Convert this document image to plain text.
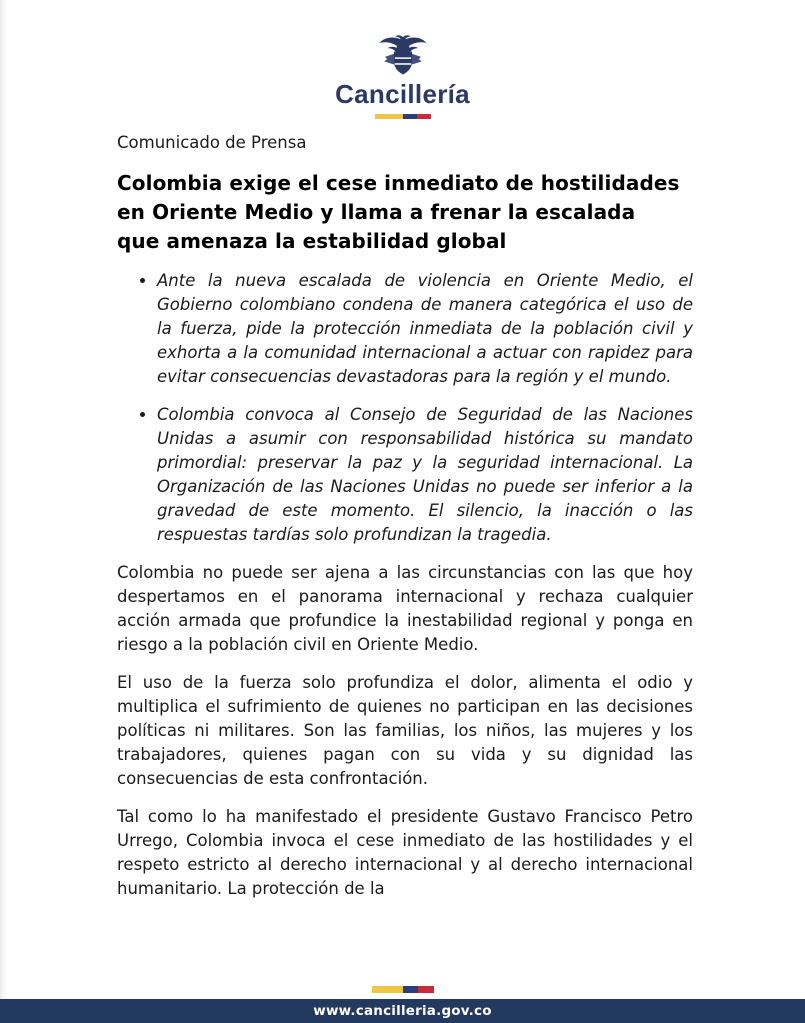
Cancillería

Comunicado de Prensa

Colombia exige el cese inmediato de hostilidades
en Oriente Medio y llama a frenar la escalada
que amenaza la estabilidad global
• Ante la nueva escalada de violencia en Oriente Medio, el Gobierno colombiano condena de manera categórica el uso de la fuerza, pide la protección inmediata de la población civil y exhorta a la comunidad internacional a actuar con rapidez para evitar consecuencias devastadoras para la región y el mundo.
• Colombia convoca al Consejo de Seguridad de las Naciones Unidas a asumir con responsabilidad histórica su mandato primordial: preservar la paz y la seguridad internacional. La Organización de las Naciones Unidas no puede ser inferior a la gravedad de este momento. El silencio, la inacción o las respuestas tardías solo profundizan la tragedia.

Colombia no puede ser ajena a las circunstancias con las que hoy despertamos en el panorama internacional y rechaza cualquier acción armada que profundice la inestabilidad regional y ponga en riesgo a la población civil en Oriente Medio.

El uso de la fuerza solo profundiza el dolor, alimenta el odio y multiplica el sufrimiento de quienes no participan en las decisiones políticas ni militares. Son las familias, los niños, las mujeres y los trabajadores, quienes pagan con su vida y su dignidad las consecuencias de esta confrontación.

Tal como lo ha manifestado el presidente Gustavo Francisco Petro Urrego, Colombia invoca el cese inmediato de las hostilidades y el respeto estricto al derecho internacional y al derecho internacional humanitario. La protección de la

www.cancilleria.gov.co
